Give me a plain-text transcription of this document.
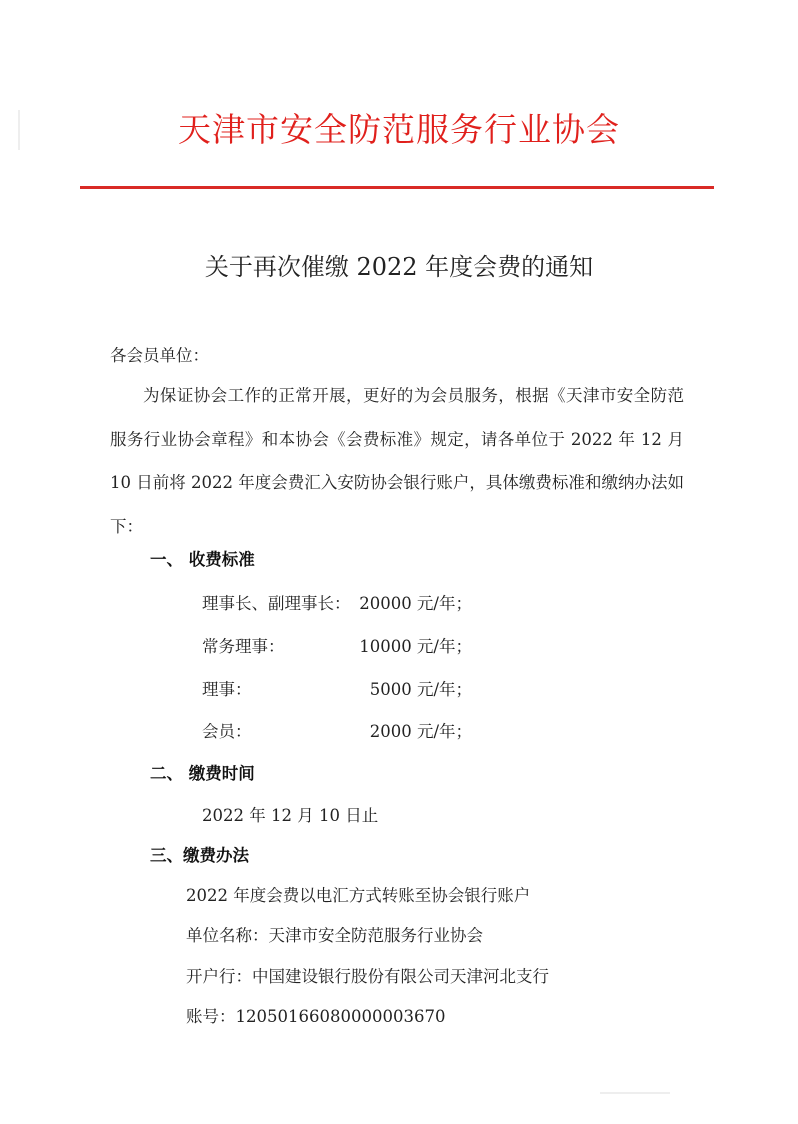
天津市安全防范服务行业协会
关于再次催缴 2022 年度会费的通知
各会员单位：
为保证协会工作的正常开展，更好的为会员服务，根据《天津市安全防范服务行业协会章程》和本协会《会费标准》规定，请各单位于 2022 年 12 月 10 日前将 2022 年度会费汇入安防协会银行账户，具体缴费标准和缴纳办法如下：
一、 收费标准
理事长、副理事长： 20000 元/年；
常务理事：	10000 元/年；
理事：	5000 元/年；
会员：	2000 元/年；
二、 缴费时间
2022 年 12 月 10 日止
三、缴费办法
2022 年度会费以电汇方式转账至协会银行账户
单位名称：天津市安全防范服务行业协会
开户行：中国建设银行股份有限公司天津河北支行
账号：12050166080000003670
